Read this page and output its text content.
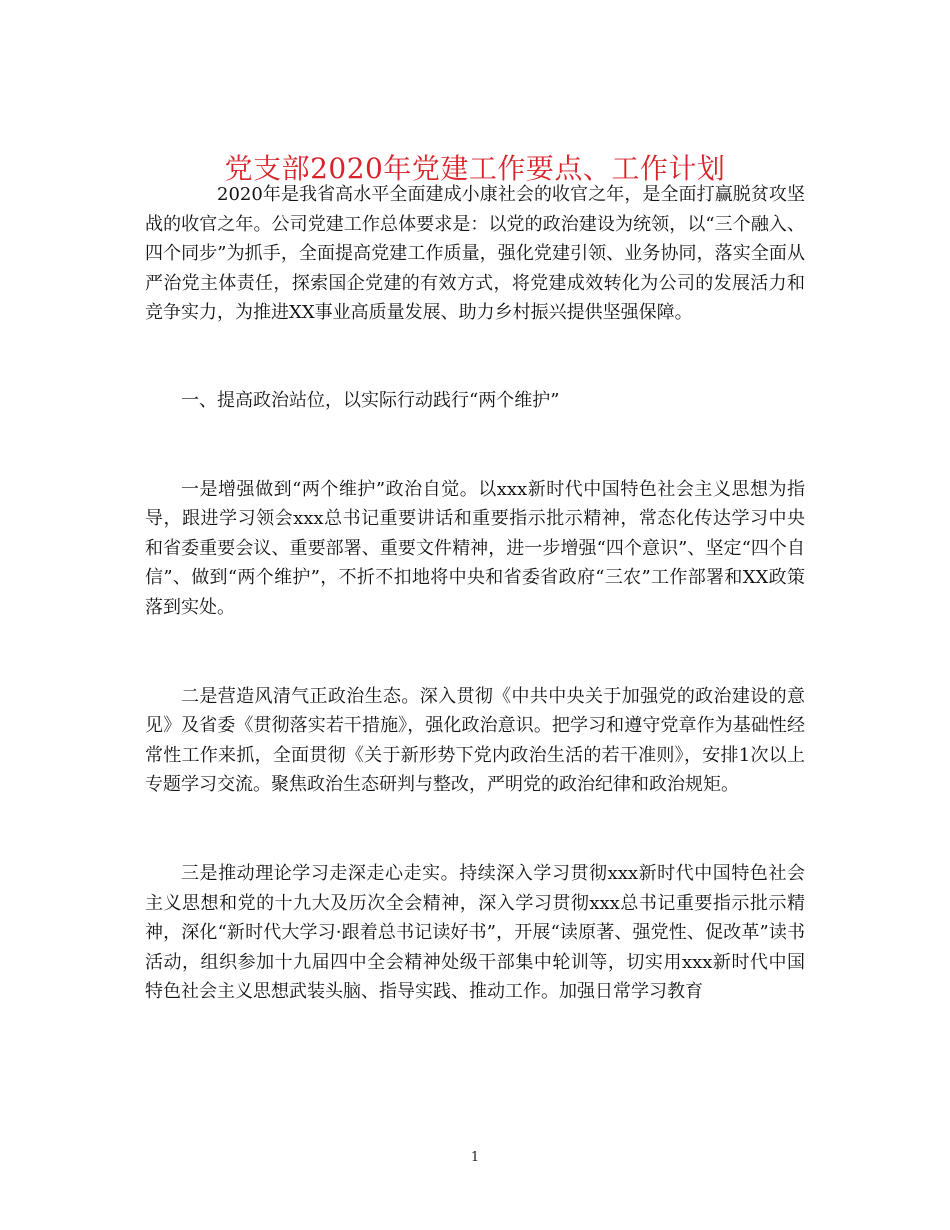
党支部2020年党建工作要点、工作计划

2020年是我省高水平全面建成小康社会的收官之年，是全面打赢脱贫攻坚战的收官之年。公司党建工作总体要求是：以党的政治建设为统领，以“三个融入、四个同步”为抓手，全面提高党建工作质量，强化党建引领、业务协同，落实全面从严治党主体责任，探索国企党建的有效方式，将党建成效转化为公司的发展活力和竞争实力，为推进XX事业高质量发展、助力乡村振兴提供坚强保障。

一、提高政治站位，以实际行动践行“两个维护”

一是增强做到“两个维护”政治自觉。以xxx新时代中国特色社会主义思想为指导，跟进学习领会xxx总书记重要讲话和重要指示批示精神，常态化传达学习中央和省委重要会议、重要部署、重要文件精神，进一步增强“四个意识”、坚定“四个自信”、做到“两个维护”，不折不扣地将中央和省委省政府“三农”工作部署和XX政策落到实处。

二是营造风清气正政治生态。深入贯彻《中共中央关于加强党的政治建设的意见》及省委《贯彻落实若干措施》，强化政治意识。把学习和遵守党章作为基础性经常性工作来抓，全面贯彻《关于新形势下党内政治生活的若干准则》，安排1次以上专题学习交流。聚焦政治生态研判与整改，严明党的政治纪律和政治规矩。

三是推动理论学习走深走心走实。持续深入学习贯彻xxx新时代中国特色社会主义思想和党的十九大及历次全会精神，深入学习贯彻xxx总书记重要指示批示精神，深化“新时代大学习·跟着总书记读好书”，开展“读原著、强党性、促改革”读书活动，组织参加十九届四中全会精神处级干部集中轮训等，切实用xxx新时代中国特色社会主义思想武装头脑、指导实践、推动工作。加强日常学习教育

1
